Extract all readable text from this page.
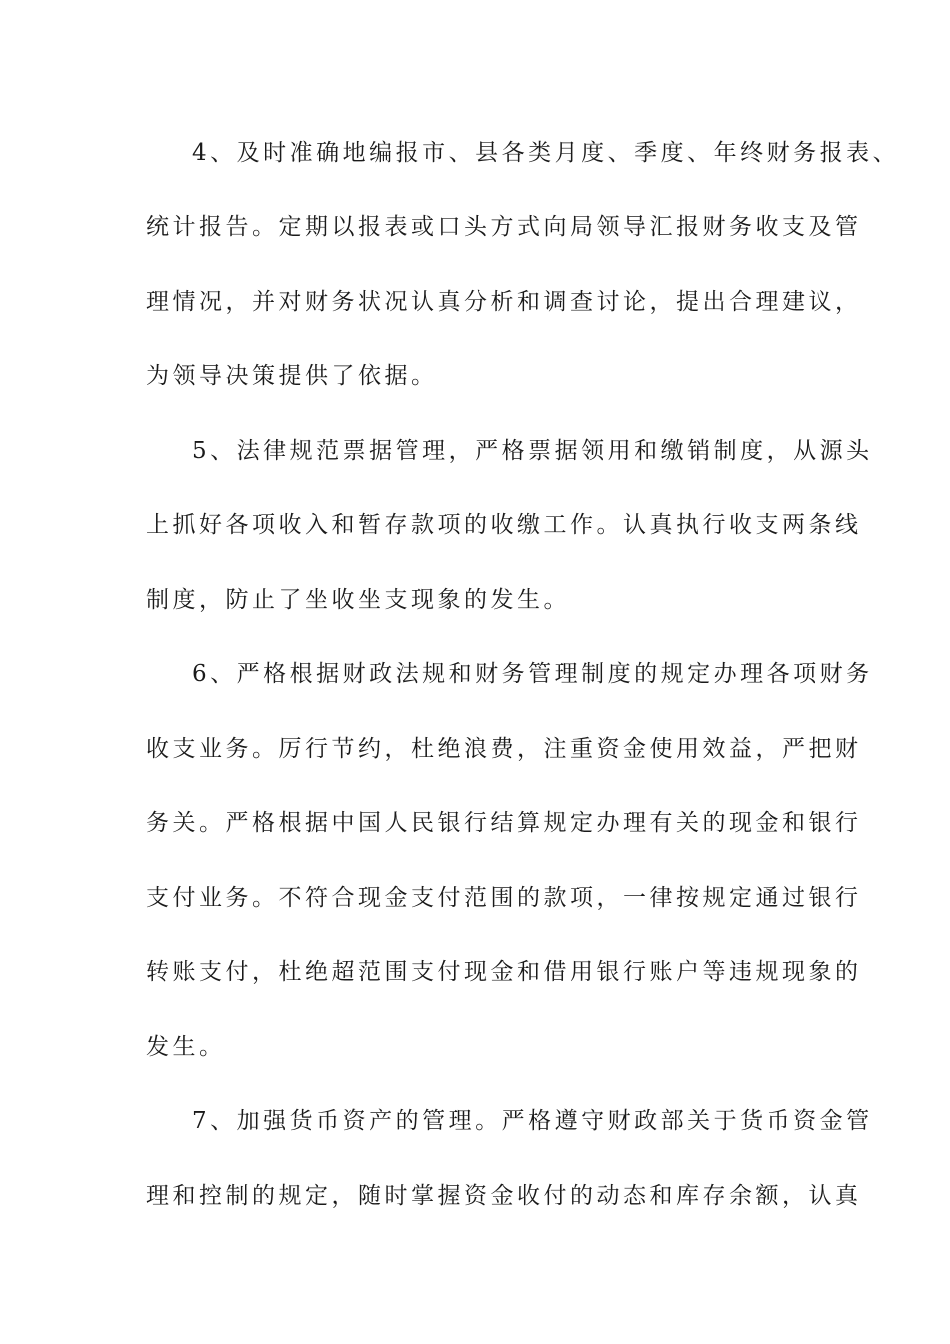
4、及时准确地编报市、县各类月度、季度、年终财务报表、
统计报告。定期以报表或口头方式向局领导汇报财务收支及管
理情况，并对财务状况认真分析和调查讨论，提出合理建议，
为领导决策提供了依据。
5、法律规范票据管理，严格票据领用和缴销制度，从源头
上抓好各项收入和暂存款项的收缴工作。认真执行收支两条线
制度，防止了坐收坐支现象的发生。
6、严格根据财政法规和财务管理制度的规定办理各项财务
收支业务。厉行节约，杜绝浪费，注重资金使用效益，严把财
务关。严格根据中国人民银行结算规定办理有关的现金和银行
支付业务。不符合现金支付范围的款项，一律按规定通过银行
转账支付，杜绝超范围支付现金和借用银行账户等违规现象的
发生。
7、加强货币资产的管理。严格遵守财政部关于货币资金管
理和控制的规定，随时掌握资金收付的动态和库存余额，认真
